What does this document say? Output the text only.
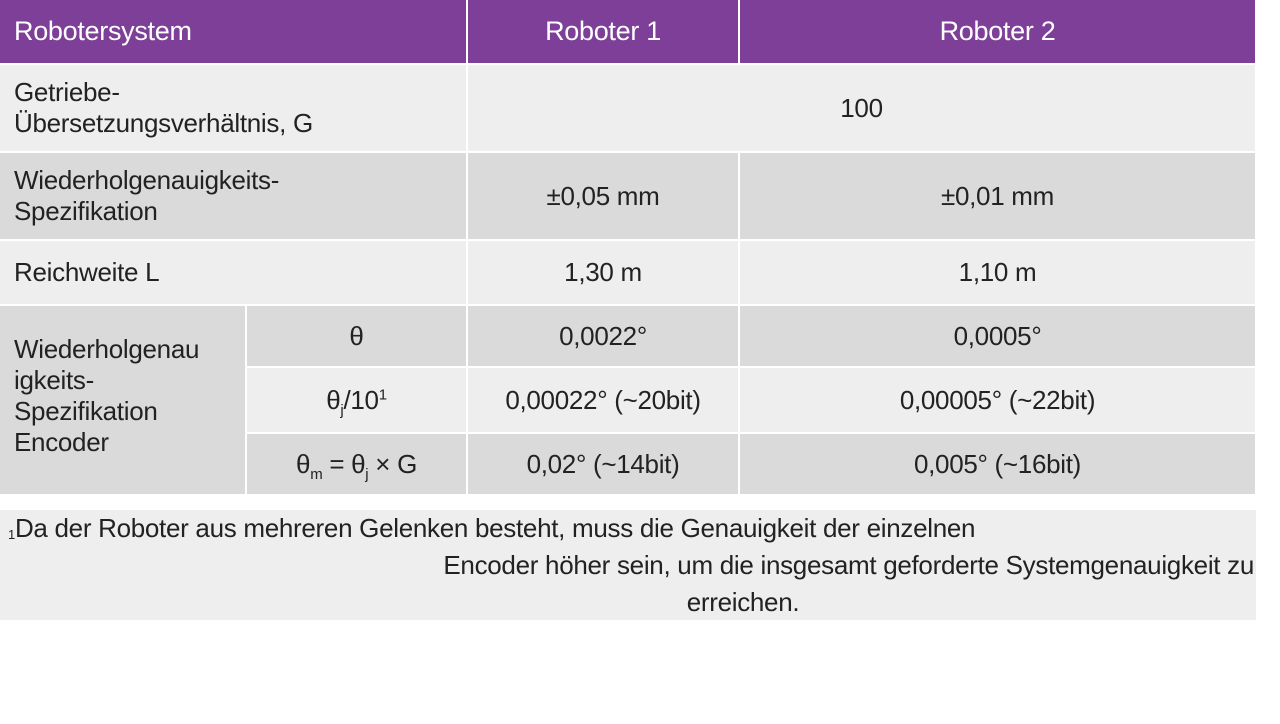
Robotersystem		Roboter 1	Roboter 2
Getriebe-
Übersetzungsverhältnis, G		100	
Wiederholgenauigkeits-
Spezifikation		±0,05 mm	±0,01 mm
Reichweite L		1,30 m	1,10 m
Wiederholgenau
igkeits-
Spezifikation
Encoder	θ	0,0022°	0,0005°
	$\theta_j/10^1$	0,00022° (~20bit)	0,00005° (~22bit)
	$\theta_m = \theta_j \times G$	0,02° (~14bit)	0,005° (~16bit)
$^1$Da der Roboter aus mehreren Gelenken besteht, muss die Genauigkeit der einzelnen
Encoder höher sein, um die insgesamt geforderte Systemgenauigkeit zu
erreichen.
